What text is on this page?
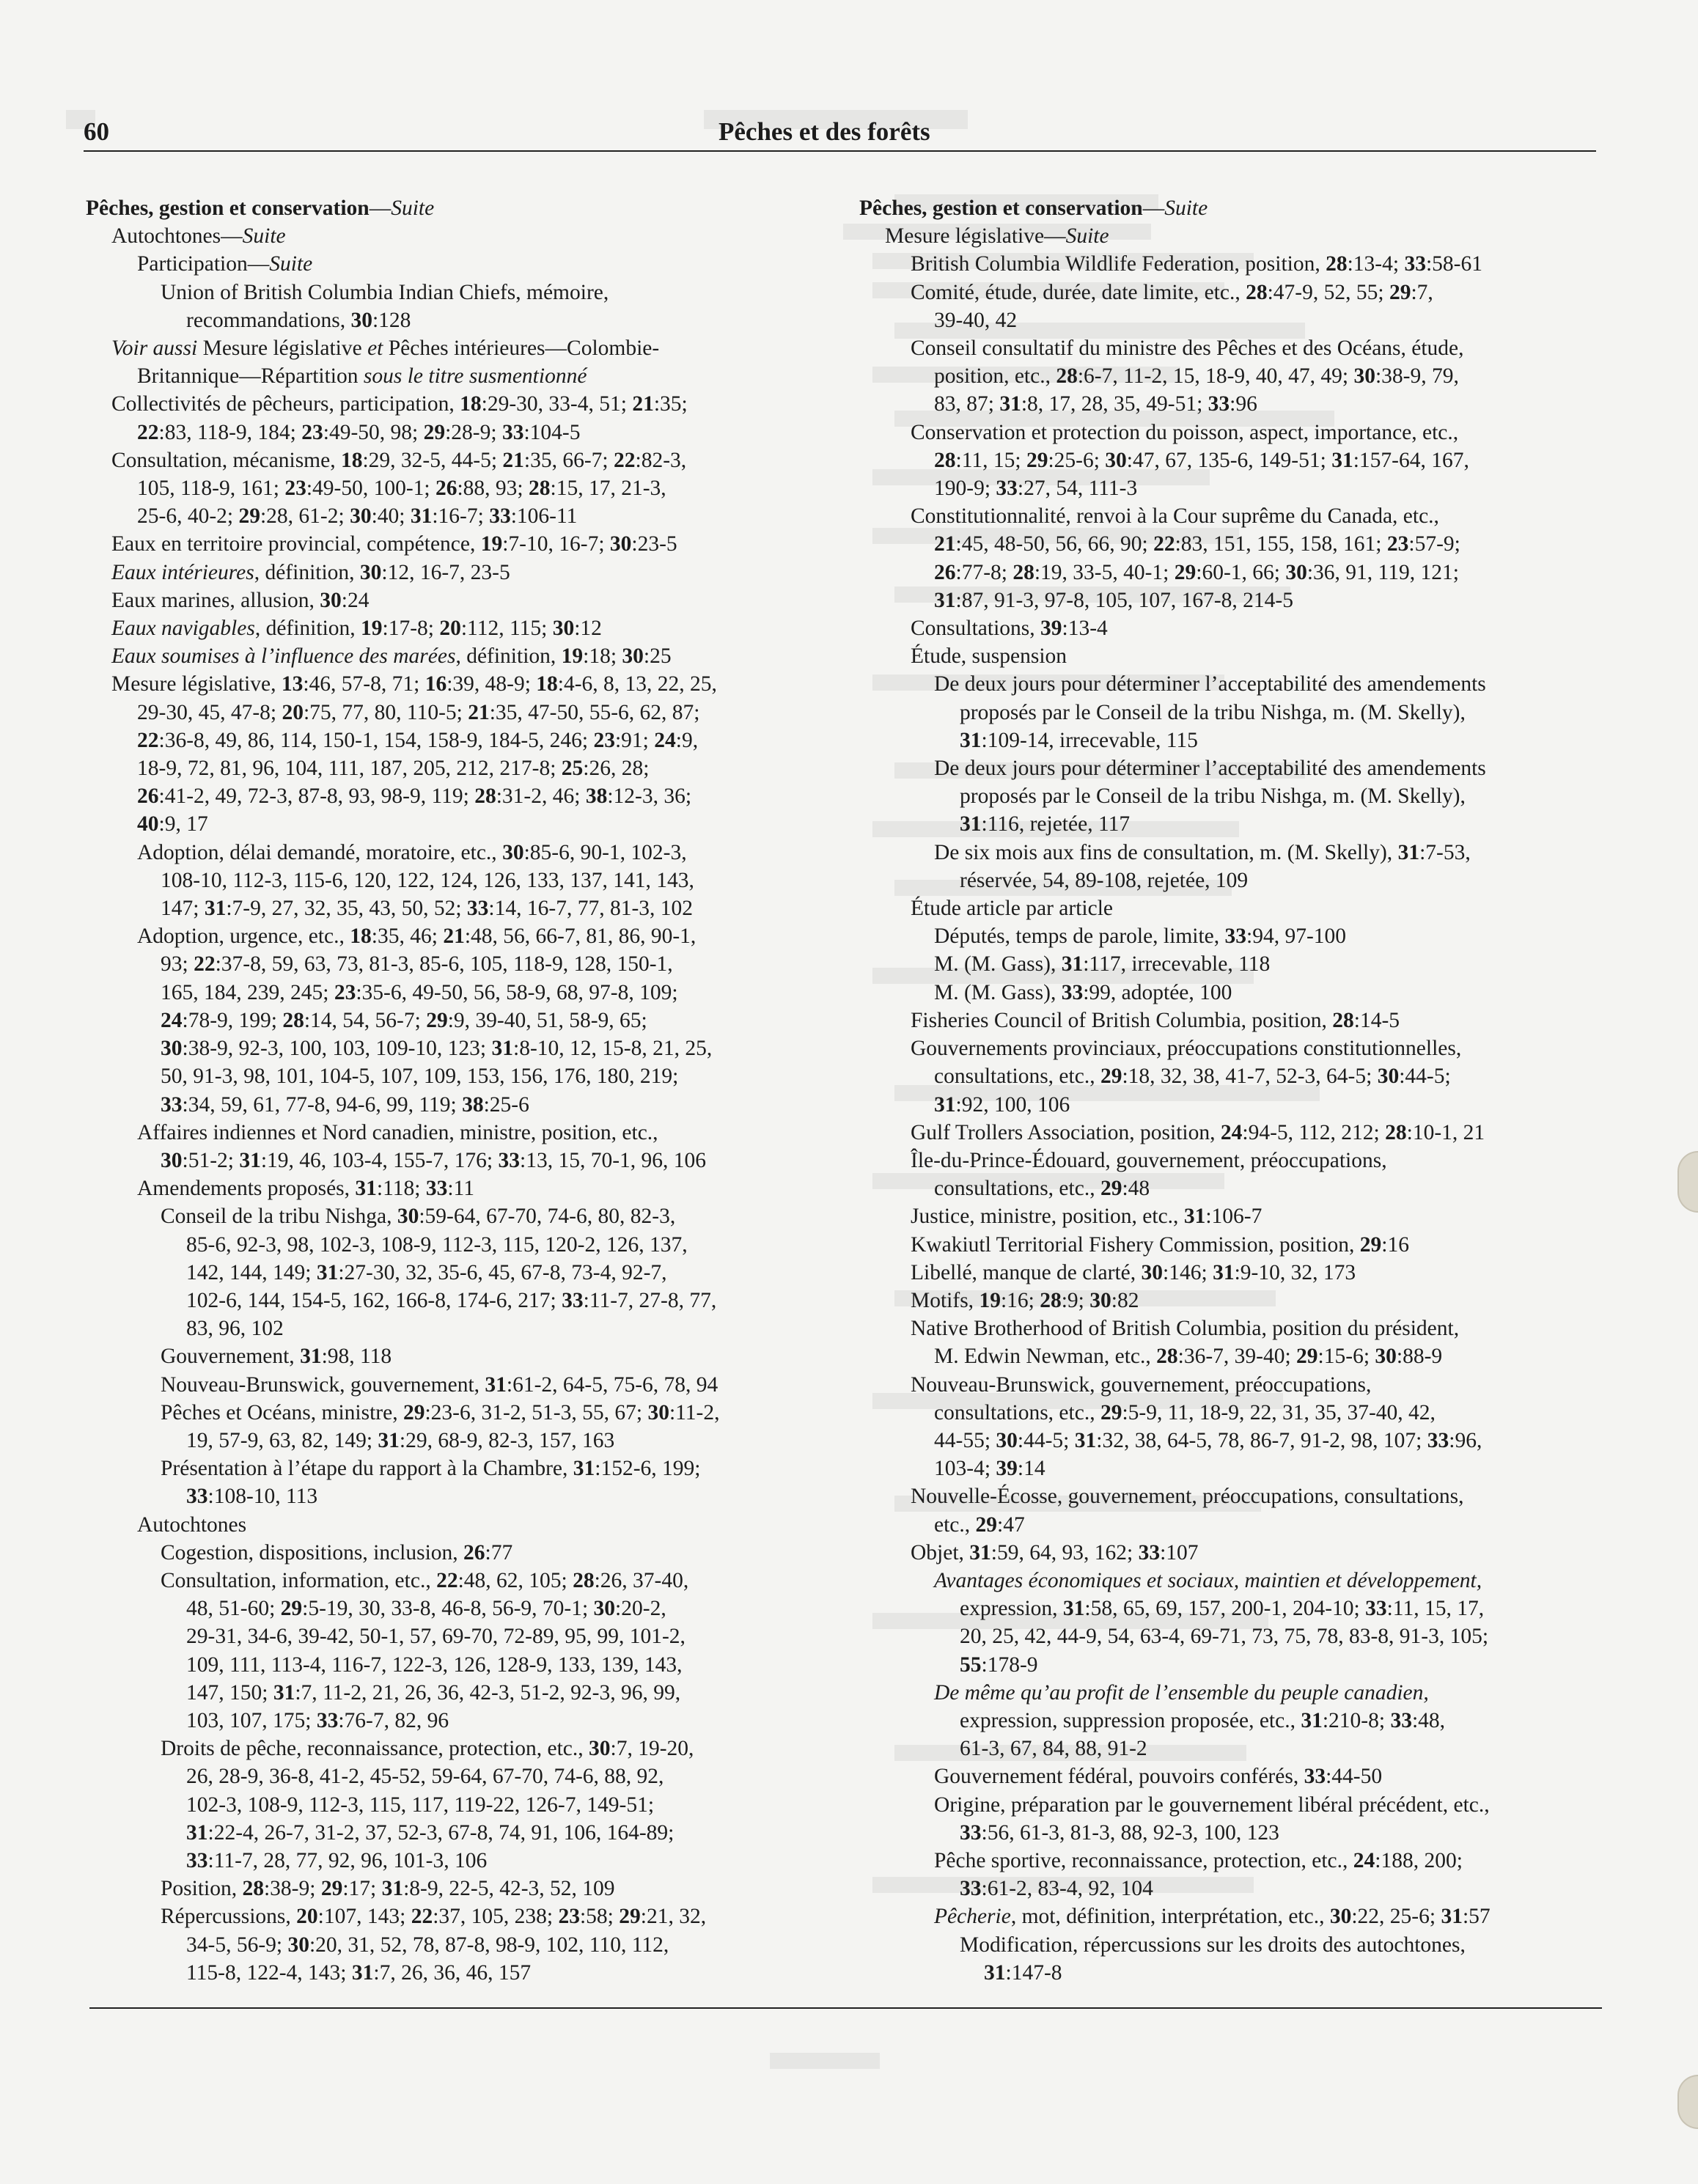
60	Pêches et des forêts
Pêches, gestion et conservation—Suite
Autochtones—Suite
Participation—Suite
Union of British Columbia Indian Chiefs, mémoire,
recommandations, 30:128
Voir aussi Mesure législative et Pêches intérieures—Colombie-
Britannique—Répartition sous le titre susmentionné
Collectivités de pêcheurs, participation, 18:29-30, 33-4, 51; 21:35;
22:83, 118-9, 184; 23:49-50, 98; 29:28-9; 33:104-5
Consultation, mécanisme, 18:29, 32-5, 44-5; 21:35, 66-7; 22:82-3,
105, 118-9, 161; 23:49-50, 100-1; 26:88, 93; 28:15, 17, 21-3,
25-6, 40-2; 29:28, 61-2; 30:40; 31:16-7; 33:106-11
Eaux en territoire provincial, compétence, 19:7-10, 16-7; 30:23-5
Eaux intérieures, définition, 30:12, 16-7, 23-5
Eaux marines, allusion, 30:24
Eaux navigables, définition, 19:17-8; 20:112, 115; 30:12
Eaux soumises à l’influence des marées, définition, 19:18; 30:25
Mesure législative, 13:46, 57-8, 71; 16:39, 48-9; 18:4-6, 8, 13, 22, 25,
29-30, 45, 47-8; 20:75, 77, 80, 110-5; 21:35, 47-50, 55-6, 62, 87;
22:36-8, 49, 86, 114, 150-1, 154, 158-9, 184-5, 246; 23:91; 24:9,
18-9, 72, 81, 96, 104, 111, 187, 205, 212, 217-8; 25:26, 28;
26:41-2, 49, 72-3, 87-8, 93, 98-9, 119; 28:31-2, 46; 38:12-3, 36;
40:9, 17
Adoption, délai demandé, moratoire, etc., 30:85-6, 90-1, 102-3,
108-10, 112-3, 115-6, 120, 122, 124, 126, 133, 137, 141, 143,
147; 31:7-9, 27, 32, 35, 43, 50, 52; 33:14, 16-7, 77, 81-3, 102
Adoption, urgence, etc., 18:35, 46; 21:48, 56, 66-7, 81, 86, 90-1,
93; 22:37-8, 59, 63, 73, 81-3, 85-6, 105, 118-9, 128, 150-1,
165, 184, 239, 245; 23:35-6, 49-50, 56, 58-9, 68, 97-8, 109;
24:78-9, 199; 28:14, 54, 56-7; 29:9, 39-40, 51, 58-9, 65;
30:38-9, 92-3, 100, 103, 109-10, 123; 31:8-10, 12, 15-8, 21, 25,
50, 91-3, 98, 101, 104-5, 107, 109, 153, 156, 176, 180, 219;
33:34, 59, 61, 77-8, 94-6, 99, 119; 38:25-6
Affaires indiennes et Nord canadien, ministre, position, etc.,
30:51-2; 31:19, 46, 103-4, 155-7, 176; 33:13, 15, 70-1, 96, 106
Amendements proposés, 31:118; 33:11
Conseil de la tribu Nishga, 30:59-64, 67-70, 74-6, 80, 82-3,
85-6, 92-3, 98, 102-3, 108-9, 112-3, 115, 120-2, 126, 137,
142, 144, 149; 31:27-30, 32, 35-6, 45, 67-8, 73-4, 92-7,
102-6, 144, 154-5, 162, 166-8, 174-6, 217; 33:11-7, 27-8, 77,
83, 96, 102
Gouvernement, 31:98, 118
Nouveau-Brunswick, gouvernement, 31:61-2, 64-5, 75-6, 78, 94
Pêches et Océans, ministre, 29:23-6, 31-2, 51-3, 55, 67; 30:11-2,
19, 57-9, 63, 82, 149; 31:29, 68-9, 82-3, 157, 163
Présentation à l’étape du rapport à la Chambre, 31:152-6, 199;
33:108-10, 113
Autochtones
Cogestion, dispositions, inclusion, 26:77
Consultation, information, etc., 22:48, 62, 105; 28:26, 37-40,
48, 51-60; 29:5-19, 30, 33-8, 46-8, 56-9, 70-1; 30:20-2,
29-31, 34-6, 39-42, 50-1, 57, 69-70, 72-89, 95, 99, 101-2,
109, 111, 113-4, 116-7, 122-3, 126, 128-9, 133, 139, 143,
147, 150; 31:7, 11-2, 21, 26, 36, 42-3, 51-2, 92-3, 96, 99,
103, 107, 175; 33:76-7, 82, 96
Droits de pêche, reconnaissance, protection, etc., 30:7, 19-20,
26, 28-9, 36-8, 41-2, 45-52, 59-64, 67-70, 74-6, 88, 92,
102-3, 108-9, 112-3, 115, 117, 119-22, 126-7, 149-51;
31:22-4, 26-7, 31-2, 37, 52-3, 67-8, 74, 91, 106, 164-89;
33:11-7, 28, 77, 92, 96, 101-3, 106
Position, 28:38-9; 29:17; 31:8-9, 22-5, 42-3, 52, 109
Répercussions, 20:107, 143; 22:37, 105, 238; 23:58; 29:21, 32,
34-5, 56-9; 30:20, 31, 52, 78, 87-8, 98-9, 102, 110, 112,
115-8, 122-4, 143; 31:7, 26, 36, 46, 157
Pêches, gestion et conservation—Suite
Mesure législative—Suite
British Columbia Wildlife Federation, position, 28:13-4; 33:58-61
Comité, étude, durée, date limite, etc., 28:47-9, 52, 55; 29:7,
39-40, 42
Conseil consultatif du ministre des Pêches et des Océans, étude,
position, etc., 28:6-7, 11-2, 15, 18-9, 40, 47, 49; 30:38-9, 79,
83, 87; 31:8, 17, 28, 35, 49-51; 33:96
Conservation et protection du poisson, aspect, importance, etc.,
28:11, 15; 29:25-6; 30:47, 67, 135-6, 149-51; 31:157-64, 167,
190-9; 33:27, 54, 111-3
Constitutionnalité, renvoi à la Cour suprême du Canada, etc.,
21:45, 48-50, 56, 66, 90; 22:83, 151, 155, 158, 161; 23:57-9;
26:77-8; 28:19, 33-5, 40-1; 29:60-1, 66; 30:36, 91, 119, 121;
31:87, 91-3, 97-8, 105, 107, 167-8, 214-5
Consultations, 39:13-4
Étude, suspension
De deux jours pour déterminer l’acceptabilité des amendements
proposés par le Conseil de la tribu Nishga, m. (M. Skelly),
31:109-14, irrecevable, 115
De deux jours pour déterminer l’acceptabilité des amendements
proposés par le Conseil de la tribu Nishga, m. (M. Skelly),
31:116, rejetée, 117
De six mois aux fins de consultation, m. (M. Skelly), 31:7-53,
réservée, 54, 89-108, rejetée, 109
Étude article par article
Députés, temps de parole, limite, 33:94, 97-100
M. (M. Gass), 31:117, irrecevable, 118
M. (M. Gass), 33:99, adoptée, 100
Fisheries Council of British Columbia, position, 28:14-5
Gouvernements provinciaux, préoccupations constitutionnelles,
consultations, etc., 29:18, 32, 38, 41-7, 52-3, 64-5; 30:44-5;
31:92, 100, 106
Gulf Trollers Association, position, 24:94-5, 112, 212; 28:10-1, 21
Île-du-Prince-Édouard, gouvernement, préoccupations,
consultations, etc., 29:48
Justice, ministre, position, etc., 31:106-7
Kwakiutl Territorial Fishery Commission, position, 29:16
Libellé, manque de clarté, 30:146; 31:9-10, 32, 173
Motifs, 19:16; 28:9; 30:82
Native Brotherhood of British Columbia, position du président,
M. Edwin Newman, etc., 28:36-7, 39-40; 29:15-6; 30:88-9
Nouveau-Brunswick, gouvernement, préoccupations,
consultations, etc., 29:5-9, 11, 18-9, 22, 31, 35, 37-40, 42,
44-55; 30:44-5; 31:32, 38, 64-5, 78, 86-7, 91-2, 98, 107; 33:96,
103-4; 39:14
Nouvelle-Écosse, gouvernement, préoccupations, consultations,
etc., 29:47
Objet, 31:59, 64, 93, 162; 33:107
Avantages économiques et sociaux, maintien et développement,
expression, 31:58, 65, 69, 157, 200-1, 204-10; 33:11, 15, 17,
20, 25, 42, 44-9, 54, 63-4, 69-71, 73, 75, 78, 83-8, 91-3, 105;
55:178-9
De même qu’au profit de l’ensemble du peuple canadien,
expression, suppression proposée, etc., 31:210-8; 33:48,
61-3, 67, 84, 88, 91-2
Gouvernement fédéral, pouvoirs conférés, 33:44-50
Origine, préparation par le gouvernement libéral précédent, etc.,
33:56, 61-3, 81-3, 88, 92-3, 100, 123
Pêche sportive, reconnaissance, protection, etc., 24:188, 200;
33:61-2, 83-4, 92, 104
Pêcherie, mot, définition, interprétation, etc., 30:22, 25-6; 31:57
Modification, répercussions sur les droits des autochtones,
31:147-8
